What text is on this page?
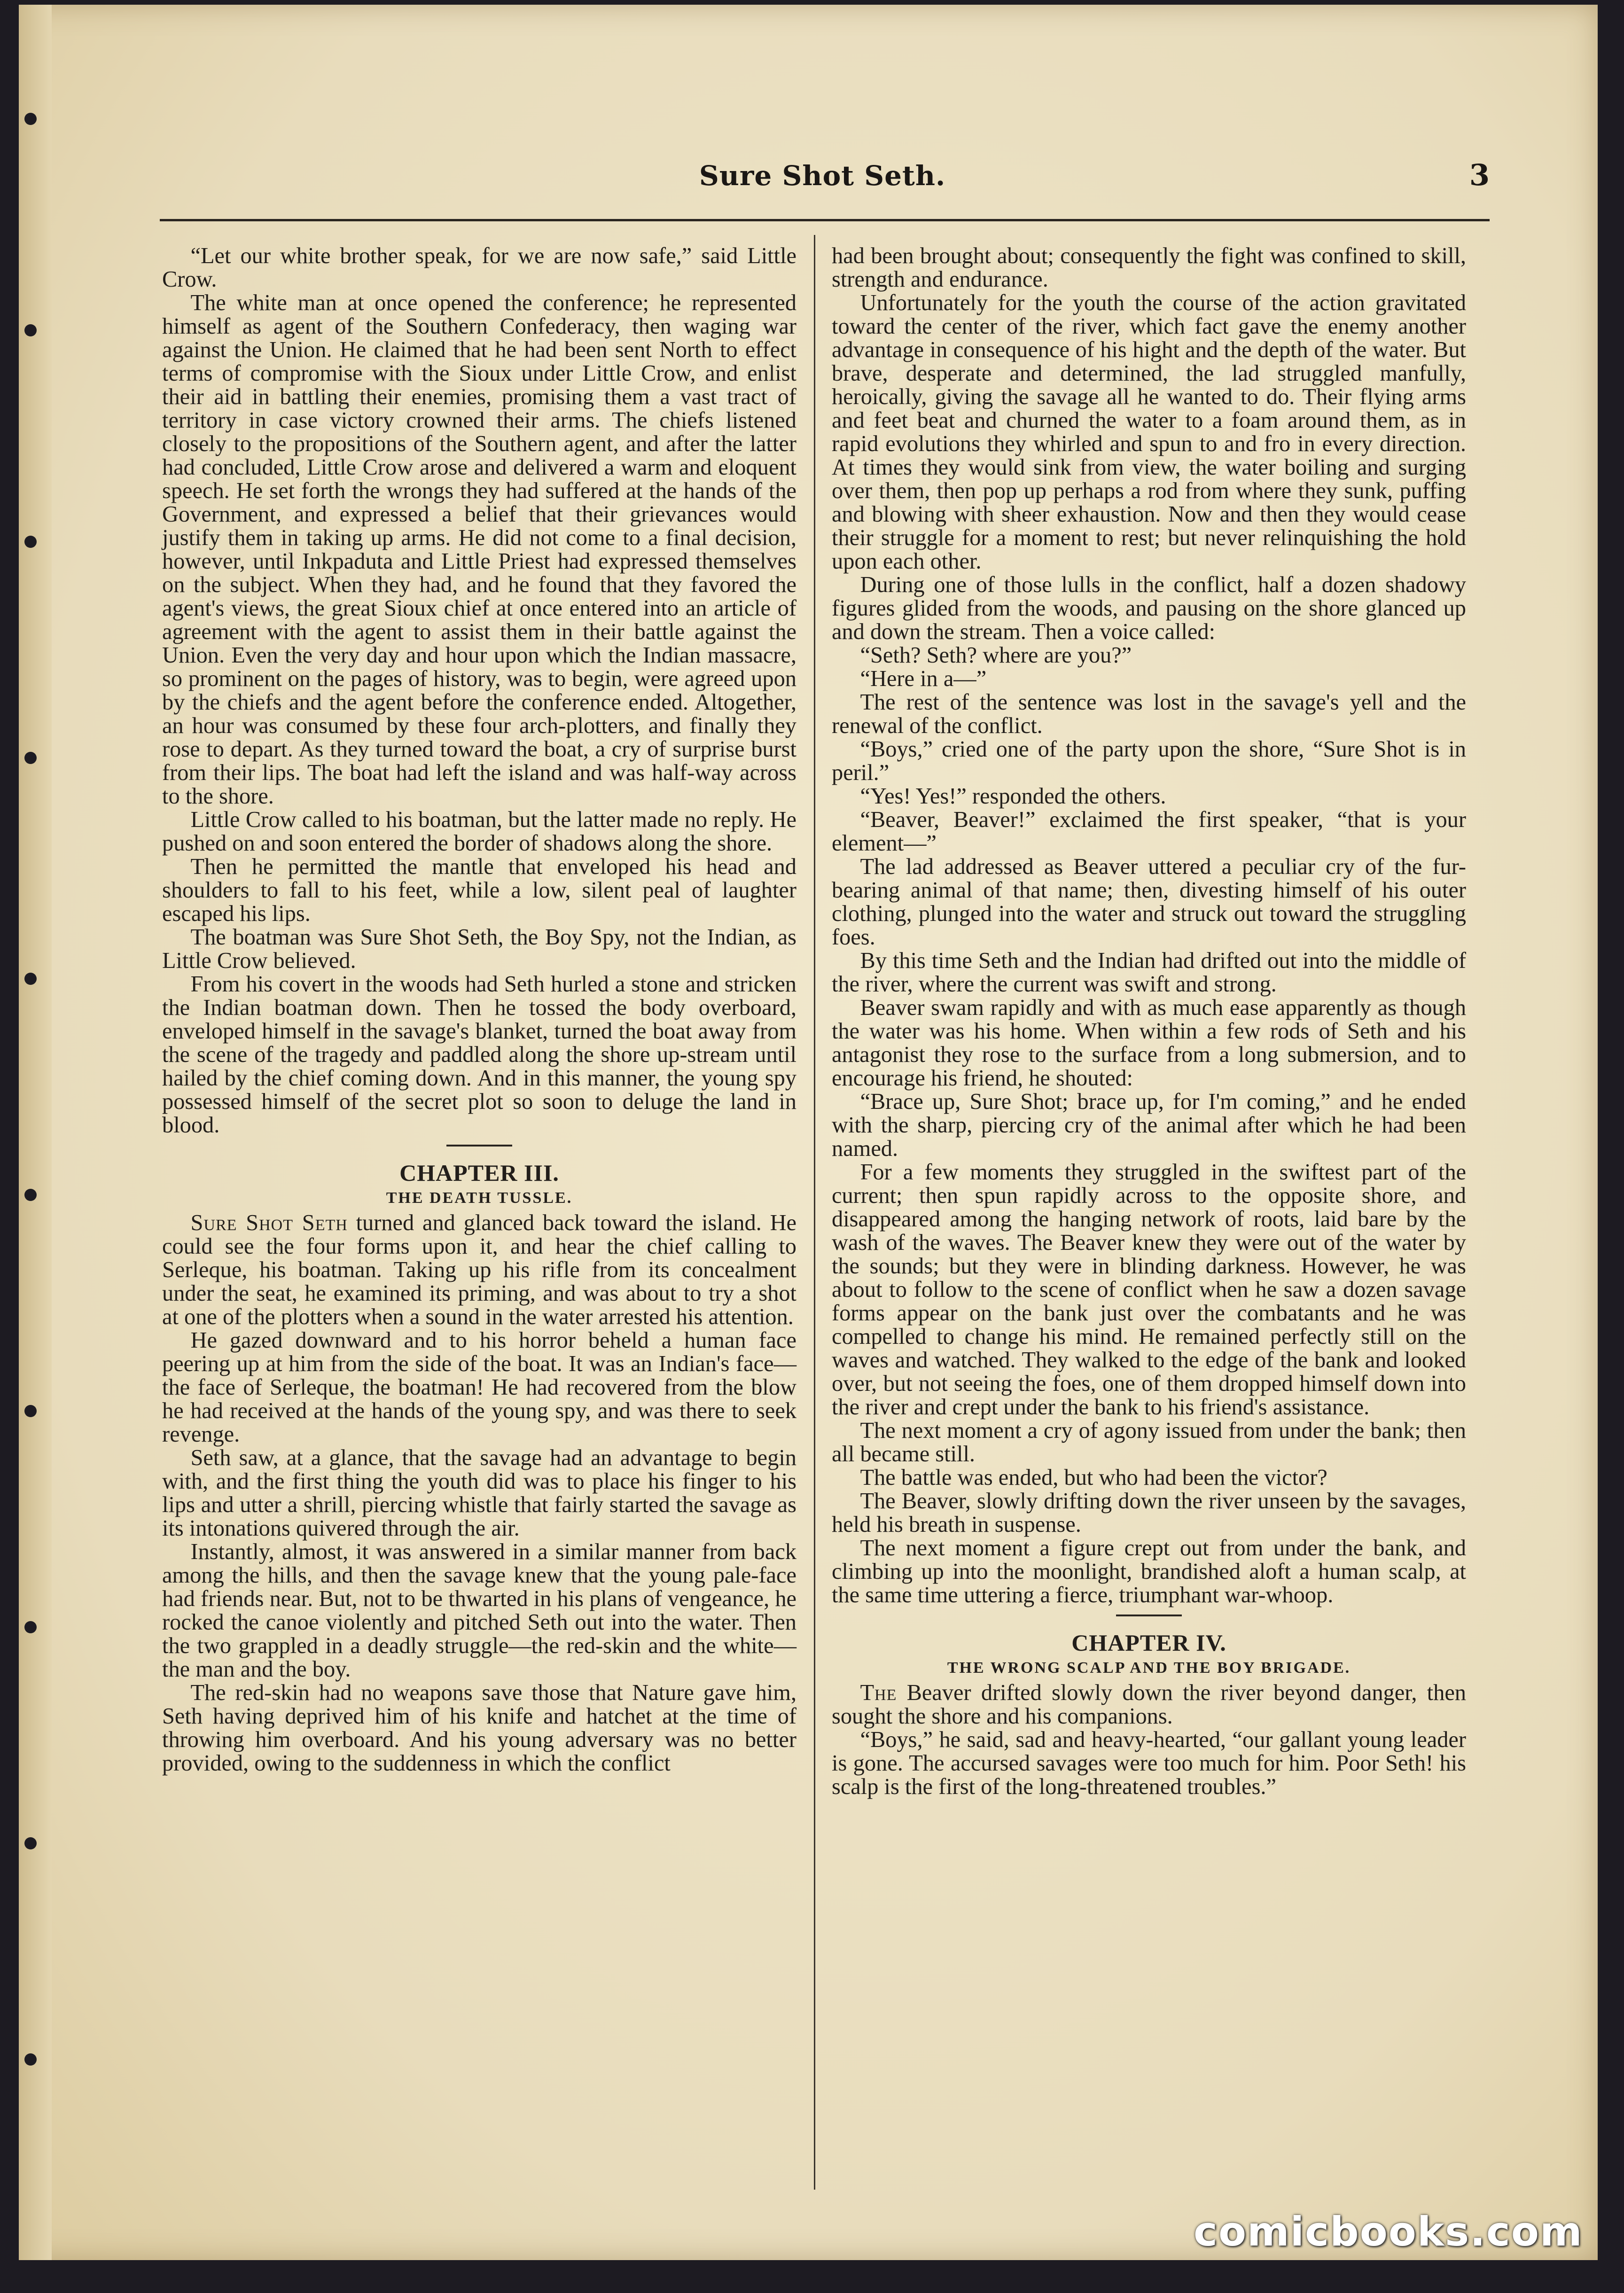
Sure Shot Seth.	3

“Let our white brother speak, for we are now safe,” said Little Crow.

The white man at once opened the conference; he represented himself as agent of the Southern Confederacy, then waging war against the Union. He claimed that he had been sent North to effect terms of compromise with the Sioux under Little Crow, and enlist their aid in battling their enemies, promising them a vast tract of territory in case victory crowned their arms. The chiefs listened closely to the propositions of the Southern agent, and after the latter had concluded, Little Crow arose and delivered a warm and eloquent speech. He set forth the wrongs they had suffered at the hands of the Government, and expressed a belief that their grievances would justify them in taking up arms. He did not come to a final decision, however, until Inkpaduta and Little Priest had expressed themselves on the subject. When they had, and he found that they favored the agent's views, the great Sioux chief at once entered into an article of agreement with the agent to assist them in their battle against the Union. Even the very day and hour upon which the Indian massacre, so prominent on the pages of history, was to begin, were agreed upon by the chiefs and the agent before the conference ended. Altogether, an hour was consumed by these four arch-plotters, and finally they rose to depart. As they turned toward the boat, a cry of surprise burst from their lips. The boat had left the island and was half-way across to the shore.

Little Crow called to his boatman, but the latter made no reply. He pushed on and soon entered the border of shadows along the shore.

Then he permitted the mantle that enveloped his head and shoulders to fall to his feet, while a low, silent peal of laughter escaped his lips.

The boatman was Sure Shot Seth, the Boy Spy, not the Indian, as Little Crow believed.

From his covert in the woods had Seth hurled a stone and stricken the Indian boatman down. Then he tossed the body overboard, enveloped himself in the savage's blanket, turned the boat away from the scene of the tragedy and paddled along the shore up-stream until hailed by the chief coming down. And in this manner, the young spy possessed himself of the secret plot so soon to deluge the land in blood.

CHAPTER III.
THE DEATH TUSSLE.

Sure Shot Seth turned and glanced back toward the island. He could see the four forms upon it, and hear the chief calling to Serleque, his boatman. Taking up his rifle from its concealment under the seat, he examined its priming, and was about to try a shot at one of the plotters when a sound in the water arrested his attention.

He gazed downward and to his horror beheld a human face peering up at him from the side of the boat. It was an Indian's face—the face of Serleque, the boatman! He had recovered from the blow he had received at the hands of the young spy, and was there to seek revenge.

Seth saw, at a glance, that the savage had an advantage to begin with, and the first thing the youth did was to place his finger to his lips and utter a shrill, piercing whistle that fairly started the savage as its intonations quivered through the air.

Instantly, almost, it was answered in a similar manner from back among the hills, and then the savage knew that the young pale-face had friends near. But, not to be thwarted in his plans of vengeance, he rocked the canoe violently and pitched Seth out into the water. Then the two grappled in a deadly struggle—the red-skin and the white—the man and the boy.

The red-skin had no weapons save those that Nature gave him, Seth having deprived him of his knife and hatchet at the time of throwing him overboard. And his young adversary was no better provided, owing to the suddenness in which the conflict

had been brought about; consequently the fight was confined to skill, strength and endurance.

Unfortunately for the youth the course of the action gravitated toward the center of the river, which fact gave the enemy another advantage in consequence of his hight and the depth of the water. But brave, desperate and determined, the lad struggled manfully, heroically, giving the savage all he wanted to do. Their flying arms and feet beat and churned the water to a foam around them, as in rapid evolutions they whirled and spun to and fro in every direction. At times they would sink from view, the water boiling and surging over them, then pop up perhaps a rod from where they sunk, puffing and blowing with sheer exhaustion. Now and then they would cease their struggle for a moment to rest; but never relinquishing the hold upon each other.

During one of those lulls in the conflict, half a dozen shadowy figures glided from the woods, and pausing on the shore glanced up and down the stream. Then a voice called:

“Seth? Seth? where are you?”

“Here in a—”

The rest of the sentence was lost in the savage's yell and the renewal of the conflict.

“Boys,” cried one of the party upon the shore, “Sure Shot is in peril.”

“Yes! Yes!” responded the others.

“Beaver, Beaver!” exclaimed the first speaker, “that is your element—”

The lad addressed as Beaver uttered a peculiar cry of the fur-bearing animal of that name; then, divesting himself of his outer clothing, plunged into the water and struck out toward the struggling foes.

By this time Seth and the Indian had drifted out into the middle of the river, where the current was swift and strong.

Beaver swam rapidly and with as much ease apparently as though the water was his home. When within a few rods of Seth and his antagonist they rose to the surface from a long submersion, and to encourage his friend, he shouted:

“Brace up, Sure Shot; brace up, for I'm coming,” and he ended with the sharp, piercing cry of the animal after which he had been named.

For a few moments they struggled in the swiftest part of the current; then spun rapidly across to the opposite shore, and disappeared among the hanging network of roots, laid bare by the wash of the waves. The Beaver knew they were out of the water by the sounds; but they were in blinding darkness. However, he was about to follow to the scene of conflict when he saw a dozen savage forms appear on the bank just over the combatants and he was compelled to change his mind. He remained perfectly still on the waves and watched. They walked to the edge of the bank and looked over, but not seeing the foes, one of them dropped himself down into the river and crept under the bank to his friend's assistance.

The next moment a cry of agony issued from under the bank; then all became still.

The battle was ended, but who had been the victor?

The Beaver, slowly drifting down the river unseen by the savages, held his breath in suspense.

The next moment a figure crept out from under the bank, and climbing up into the moonlight, brandished aloft a human scalp, at the same time uttering a fierce, triumphant war-whoop.

CHAPTER IV.
THE WRONG SCALP AND THE BOY BRIGADE.

The Beaver drifted slowly down the river beyond danger, then sought the shore and his companions.

“Boys,” he said, sad and heavy-hearted, “our gallant young leader is gone. The accursed savages were too much for him. Poor Seth! his scalp is the first of the long-threatened troubles.”

comicbooks.com
